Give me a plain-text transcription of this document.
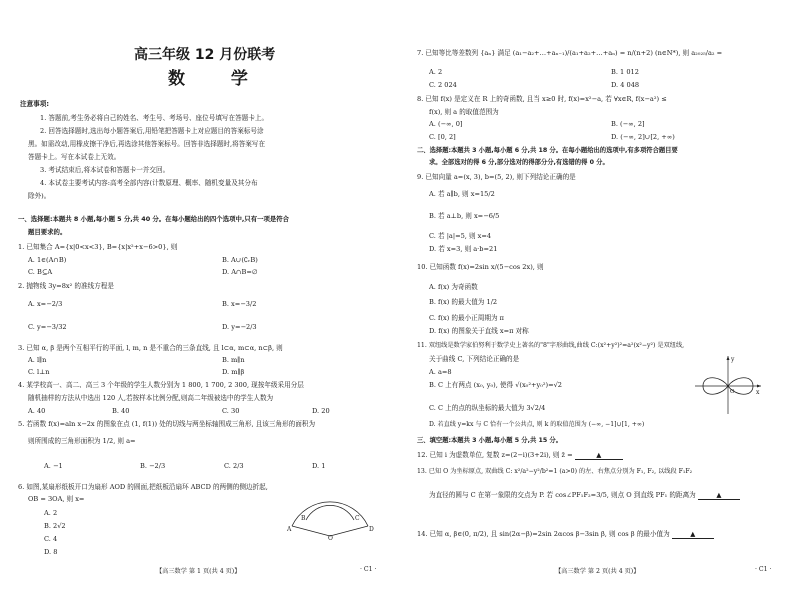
高三年级 12 月份联考
数 学
注意事项:
1. 答题前,考生务必将自己的姓名、考生号、考场号、座位号填写在答题卡上。
2. 回答选择题时,选出每小题答案后,用铅笔把答题卡上对应题目的答案标号涂
黑。如需改动,用橡皮擦干净后,再选涂其他答案标号。回答非选择题时,将答案写在
答题卡上。写在本试卷上无效。
3. 考试结束后,将本试卷和答题卡一并交回。
4. 本试卷主要考试内容:高考全部内容(计数原理、概率、随机变量及其分布
除外)。
一、选择题:本题共 8 小题,每小题 5 分,共 40 分。在每小题给出的四个选项中,只有一项是符合
题目要求的。
1. 已知集合 A={x|0<x<3}, B={x|x²+x−6>0}, 则
A. 1∈(A∩B)	B. A∪(∁ᵣB)
C. B⊆A	D. A∩B=∅
2. 抛物线 3y=8x² 的准线方程是
A. x=−2/3	B. x=−3/2
C. y=−3/32	D. y=−2/3
3. 已知 α, β 是两个互相平行的平面, l, m, n 是不重合的三条直线, 且 l⊂α, m⊂α, n⊂β, 则
A. l∥n	B. m∥n
C. l⊥n	D. m∥β
4. 某学校高一、高二、高三 3 个年级的学生人数分别为 1 800, 1 700, 2 300, 现按年级采用分层
随机抽样的方法从中选出 120 人,若按样本比例分配,则高二年级被选中的学生人数为
A. 40	B. 40	C. 30	D. 20
5. 若函数 f(x)=aln x−2x 的图象在点 (1, f(1)) 处的切线与两坐标轴围成三角形, 且该三角形的面积为
则所围成的三角形面积为 1/2, 则 a=
A. −1	B. −2/3	C. 2/3	D. 1
6. 如图,某扇形纸板开口为扇形 AOD 的圆面,把纸板沿扇环 ABCD 的两侧的侧边折起,
OB = 3OA, 则 x=
A. 2
B. 2√2
C. 4
D. 8
A
B
O
C
D
【高三数学 第 1 页(共 4 页)】	· C1 ·
7. 已知等比等差数列 {aₙ} 满足 (a₁−a₂+…+aₙ₋₁)/(a₁+a₂+…+aₙ) = n/(n+2) (n∈N*), 则 a₂₀₂₅/a₂ =
A. 2	B. 1 012
C. 2 024	D. 4 048
8. 已知 f(x) 是定义在 R 上的奇函数, 且当 x≥0 时, f(x)=x²−a, 若 ∀x∈R, f(x−a²) ≤
f(x), 则 a 的取值范围为
A. (−∞, 0]	B. (−∞, 2]
C. [0, 2]	D. (−∞, 2]∪[2, +∞)
二、选择题:本题共 3 小题,每小题 6 分,共 18 分。在每小题给出的选项中,有多项符合题目要
求。全部选对的得 6 分,部分选对的得部分分,有选错的得 0 分。
9. 已知向量 a=(x, 3), b=(5, 2), 则下列结论正确的是
A. 若 a∥b, 则 x=15/2
B. 若 a⊥b, 则 x=−6/5
C. 若 |a|=5, 则 x=4
D. 若 x=3, 则 a·b=21
10. 已知函数 f(x)=2sin x/(5−cos 2x), 则
A. f(x) 为奇函数
B. f(x) 的最大值为 1/2
C. f(x) 的最小正周期为 π
D. f(x) 的图象关于直线 x=π 对称
11. 双纽线是数学家伯努利于数学史上著名的"8"字形曲线,曲线 C:(x²+y²)²=a²(x²−y²) 是双纽线,
关于曲线 C, 下列结论正确的是
A. a=8
B. C 上有两点 (x₀, y₀), 使得 √(x₀²+y₀²)=√2
C. C 上的点的纵坐标的最大值为 3√2/4
D. 若直线 y=kx 与 C 恰有一个公共点, 则 k 的取值范围为 (−∞, −1]∪[1, +∞)
y
x
O
三、填空题:本题共 3 小题,每小题 5 分,共 15 分。
12. 已知 i 为虚数单位, 复数 z=(2−i)(3+2i), 则 z̄ =	▲
13. 已知 O 为坐标原点, 双曲线 C: x²/a²−y²/b²=1 (a>0) 的左、右焦点分别为 F₁, F₂, 以线段 F₁F₂
为直径的圆与 C 在第一象限的交点为 P. 若 cos∠PF₁F₂=3/5, 则点 O 到直线 PF₁ 的距离为	▲
14. 已知 α, β∈(0, π/2), 且 sin(2α−β)=2sin 2αcos β−3sin β, 则 cos β 的最小值为	▲
【高三数学 第 2 页(共 4 页)】	· C1 ·
